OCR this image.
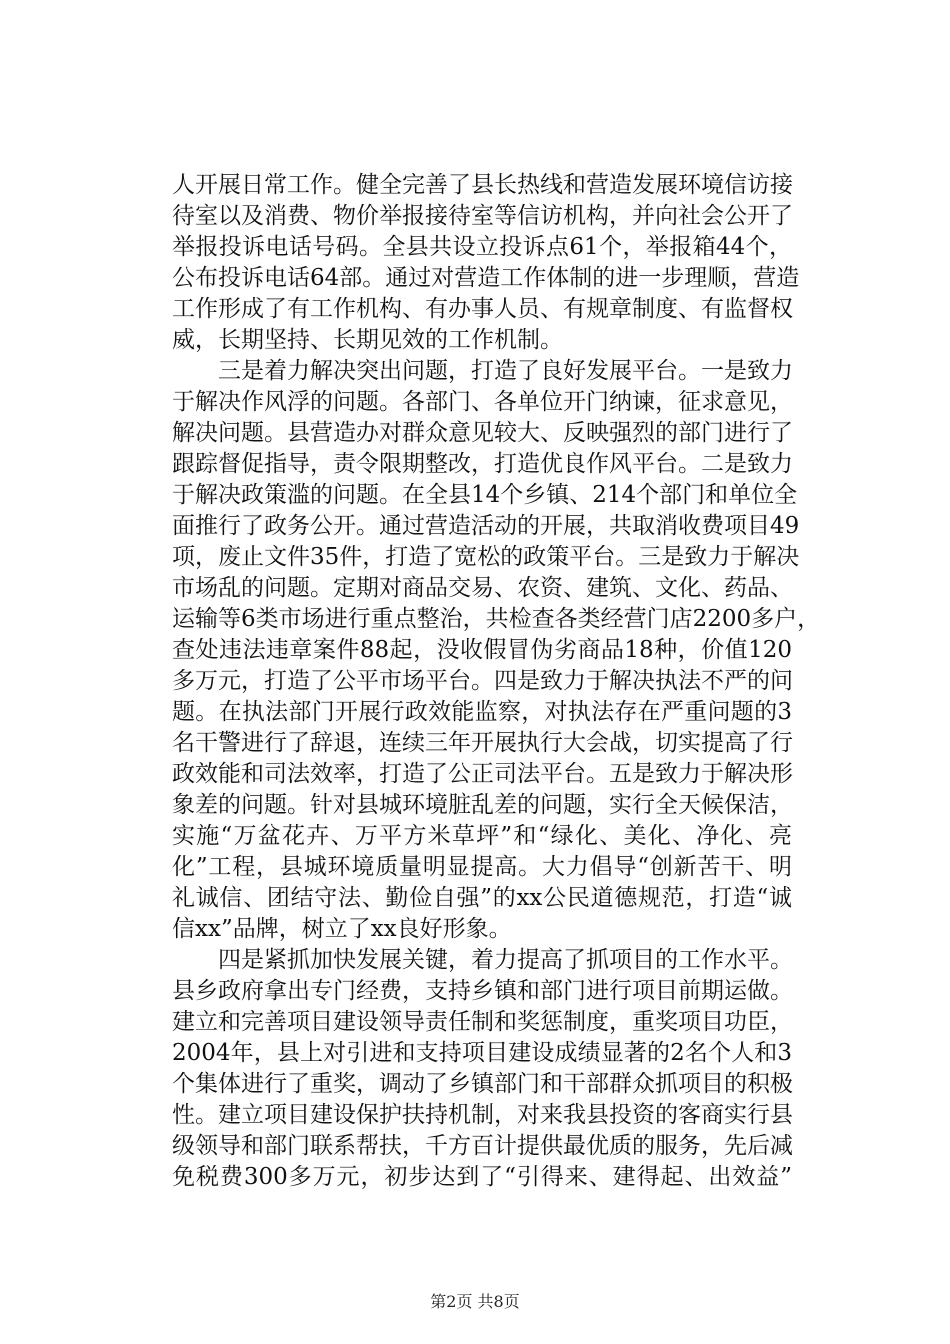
人开展日常工作。健全完善了县长热线和营造发展环境信访接
待室以及消费、物价举报接待室等信访机构，并向社会公开了
举报投诉电话号码。全县共设立投诉点61个，举报箱44个，
公布投诉电话64部。通过对营造工作体制的进一步理顺，营造
工作形成了有工作机构、有办事人员、有规章制度、有监督权
威，长期坚持、长期见效的工作机制。
　　三是着力解决突出问题，打造了良好发展平台。一是致力
于解决作风浮的问题。各部门、各单位开门纳谏，征求意见，
解决问题。县营造办对群众意见较大、反映强烈的部门进行了
跟踪督促指导，责令限期整改，打造优良作风平台。二是致力
于解决政策滥的问题。在全县14个乡镇、214个部门和单位全
面推行了政务公开。通过营造活动的开展，共取消收费项目49
项，废止文件35件，打造了宽松的政策平台。三是致力于解决
市场乱的问题。定期对商品交易、农资、建筑、文化、药品、
运输等6类市场进行重点整治，共检查各类经营门店2200多户，
查处违法违章案件88起，没收假冒伪劣商品18种，价值120
多万元，打造了公平市场平台。四是致力于解决执法不严的问
题。在执法部门开展行政效能监察，对执法存在严重问题的3
名干警进行了辞退，连续三年开展执行大会战，切实提高了行
政效能和司法效率，打造了公正司法平台。五是致力于解决形
象差的问题。针对县城环境脏乱差的问题，实行全天候保洁，
实施“万盆花卉、万平方米草坪”和“绿化、美化、净化、亮
化”工程，县城环境质量明显提高。大力倡导“创新苦干、明
礼诚信、团结守法、勤俭自强”的xx公民道德规范，打造“诚
信xx”品牌，树立了xx良好形象。
　　四是紧抓加快发展关键，着力提高了抓项目的工作水平。
县乡政府拿出专门经费，支持乡镇和部门进行项目前期运做。
建立和完善项目建设领导责任制和奖惩制度，重奖项目功臣，
2004年，县上对引进和支持项目建设成绩显著的2名个人和3
个集体进行了重奖，调动了乡镇部门和干部群众抓项目的积极
性。建立项目建设保护扶持机制，对来我县投资的客商实行县
级领导和部门联系帮扶，千方百计提供最优质的服务，先后减
免税费300多万元，初步达到了“引得来、建得起、出效益”
第2页 共8页
